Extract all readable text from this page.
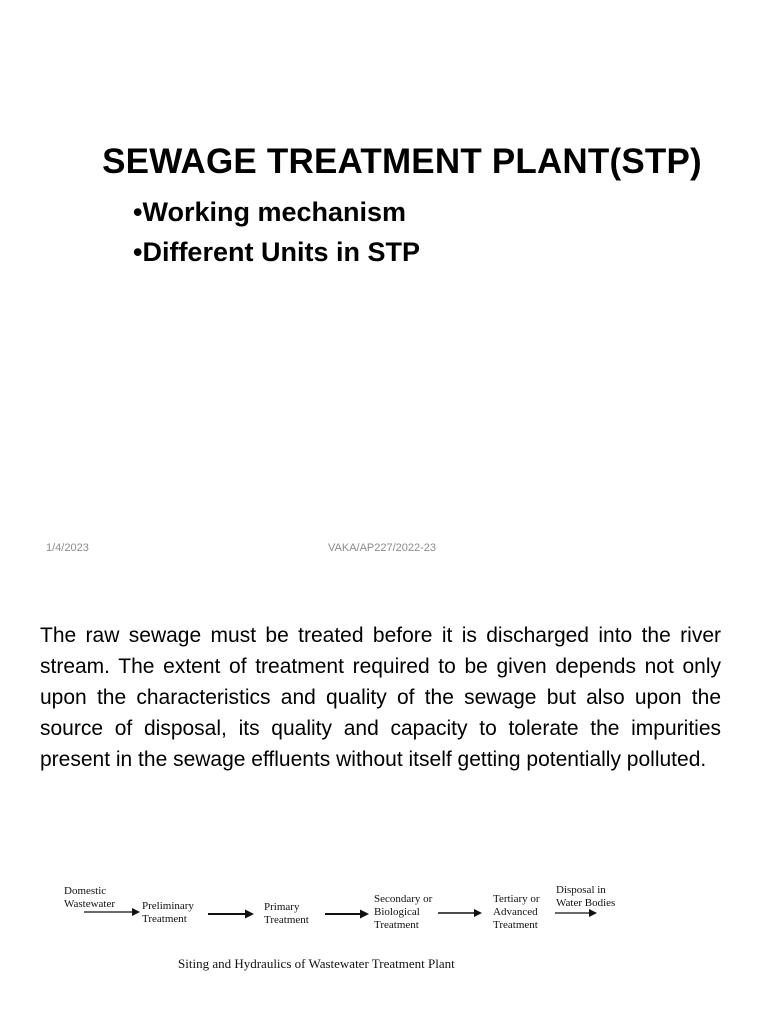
SEWAGE TREATMENT PLANT(STP)
•Working mechanism
•Different Units in STP
1/4/2023	VAKA/AP227/2022-23
The raw sewage must be treated before it is discharged into the river stream. The extent of treatment required to be given depends not only upon the characteristics and quality of the sewage but also upon the source of disposal, its quality and capacity to tolerate the impurities present in the sewage effluents without itself getting potentially polluted.
Domestic
Wastewater Preliminary
Treatment
Primary
Treatment
Secondary or
Biological
Treatment
Tertiary or
Advanced
Treatment
Disposal in
Water Bodies
Siting and Hydraulics of Wastewater Treatment Plant
